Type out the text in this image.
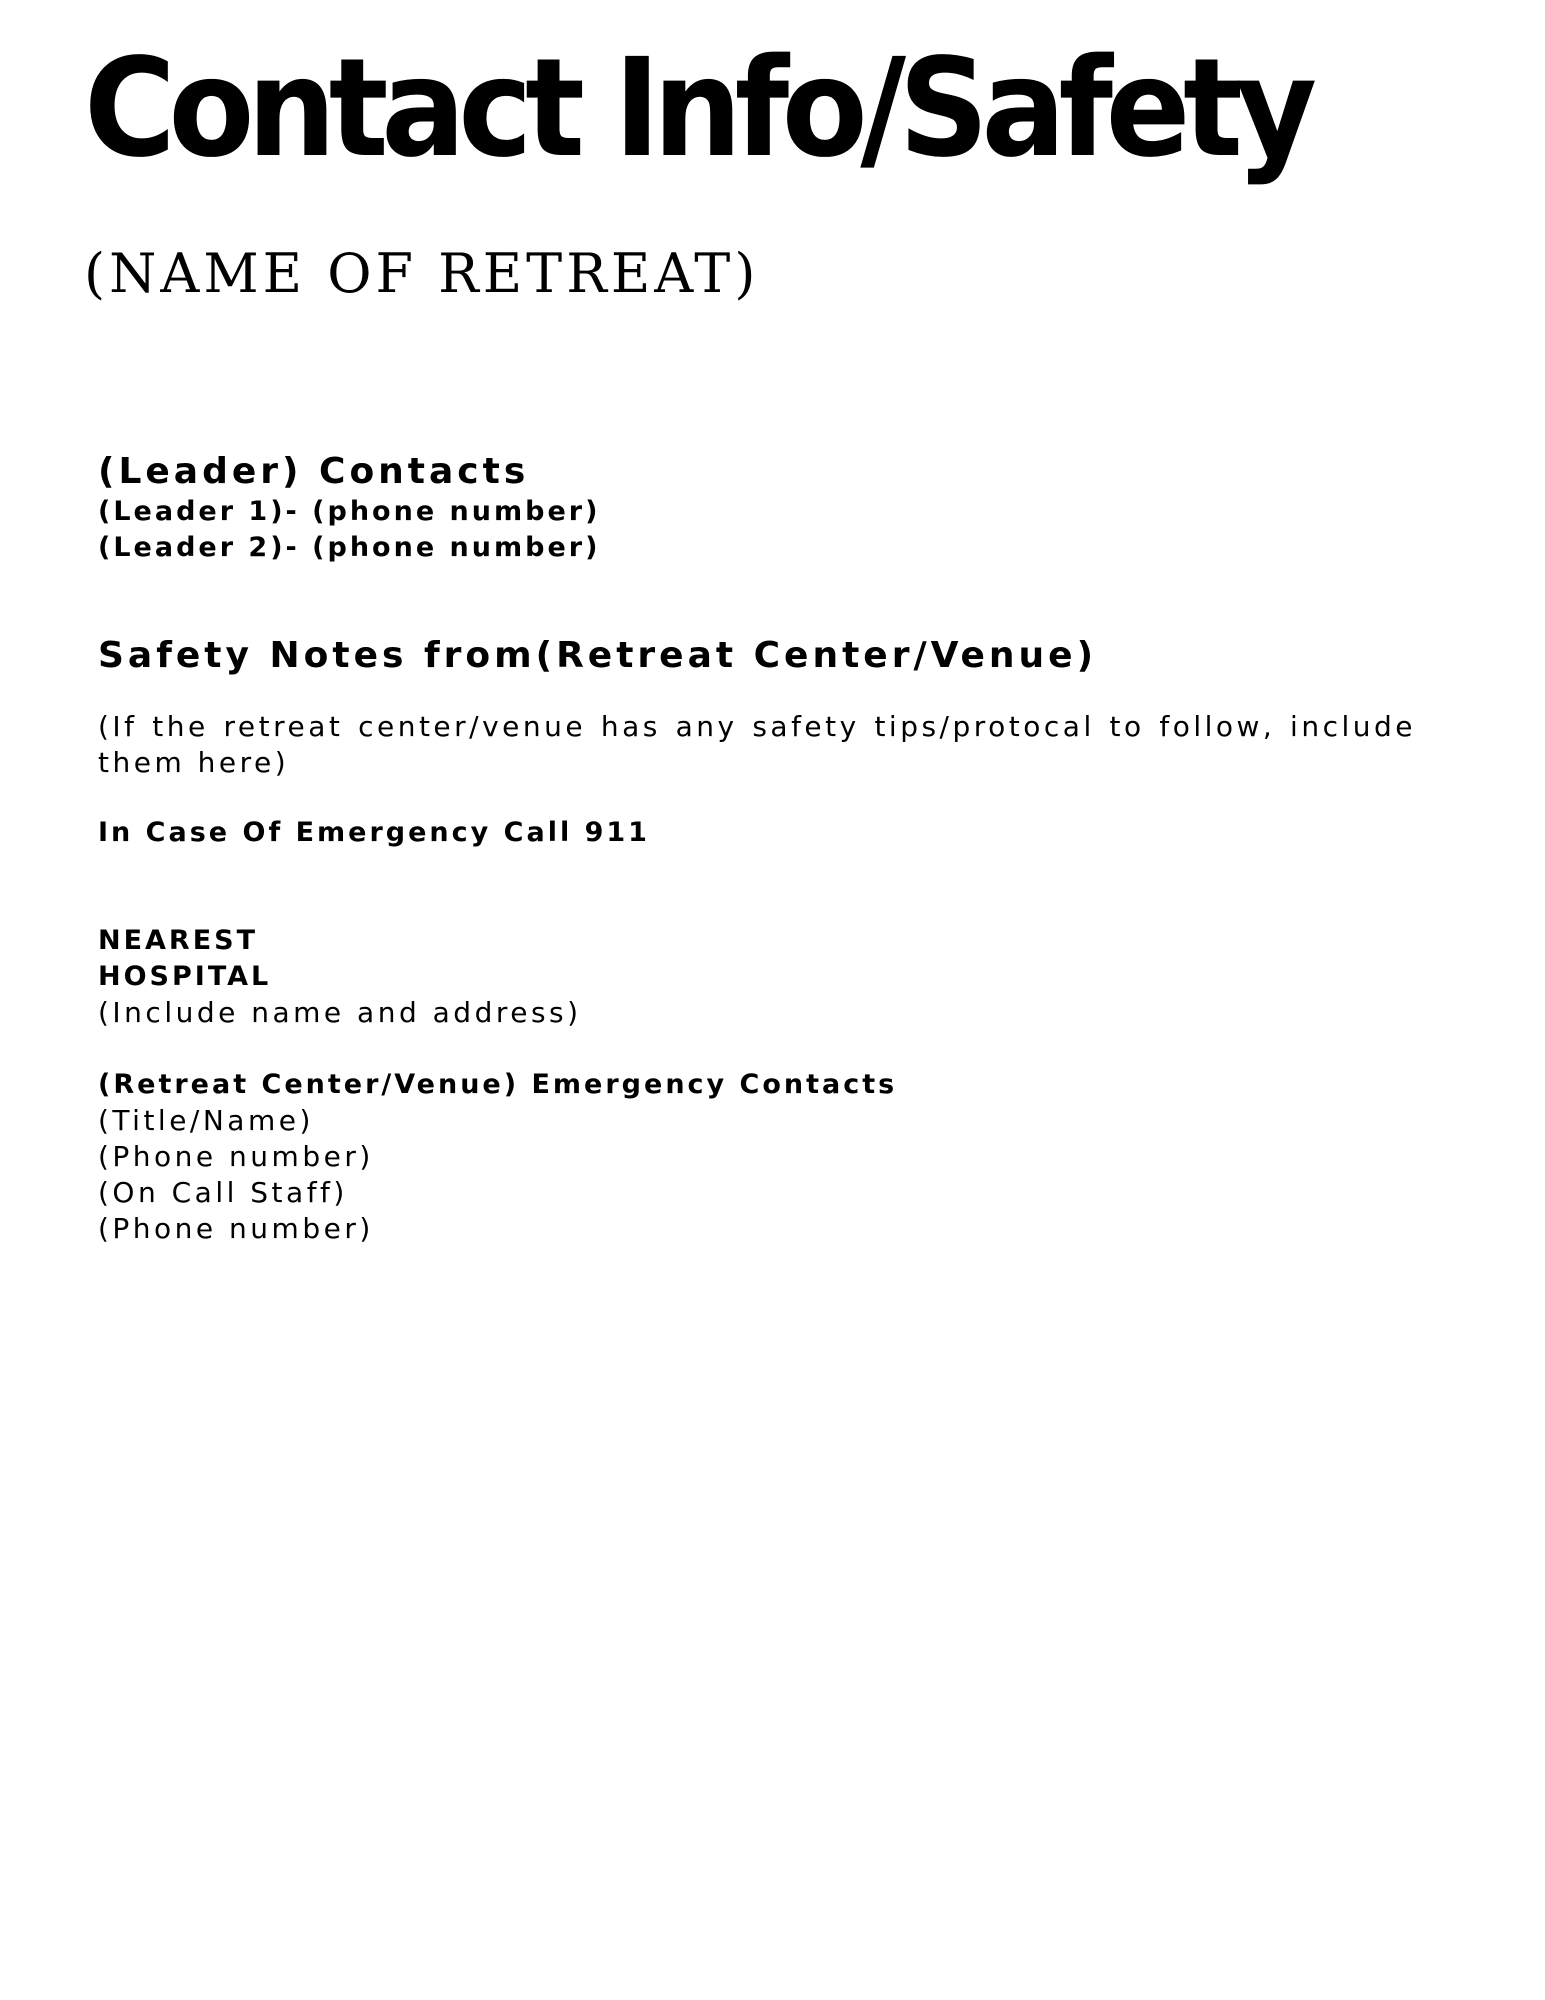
Contact Info/Safety
(NAME OF RETREAT)
(Leader) Contacts
(Leader 1)- (phone number)
(Leader 2)- (phone number)
Safety Notes from(Retreat Center/Venue)
(If the retreat center/venue has any safety tips/protocal to follow, include them here)
In Case Of Emergency Call 911
NEAREST
HOSPITAL
(Include name and address)
(Retreat Center/Venue) Emergency Contacts
(Title/Name)
(Phone number)
(On Call Staff)
(Phone number)
